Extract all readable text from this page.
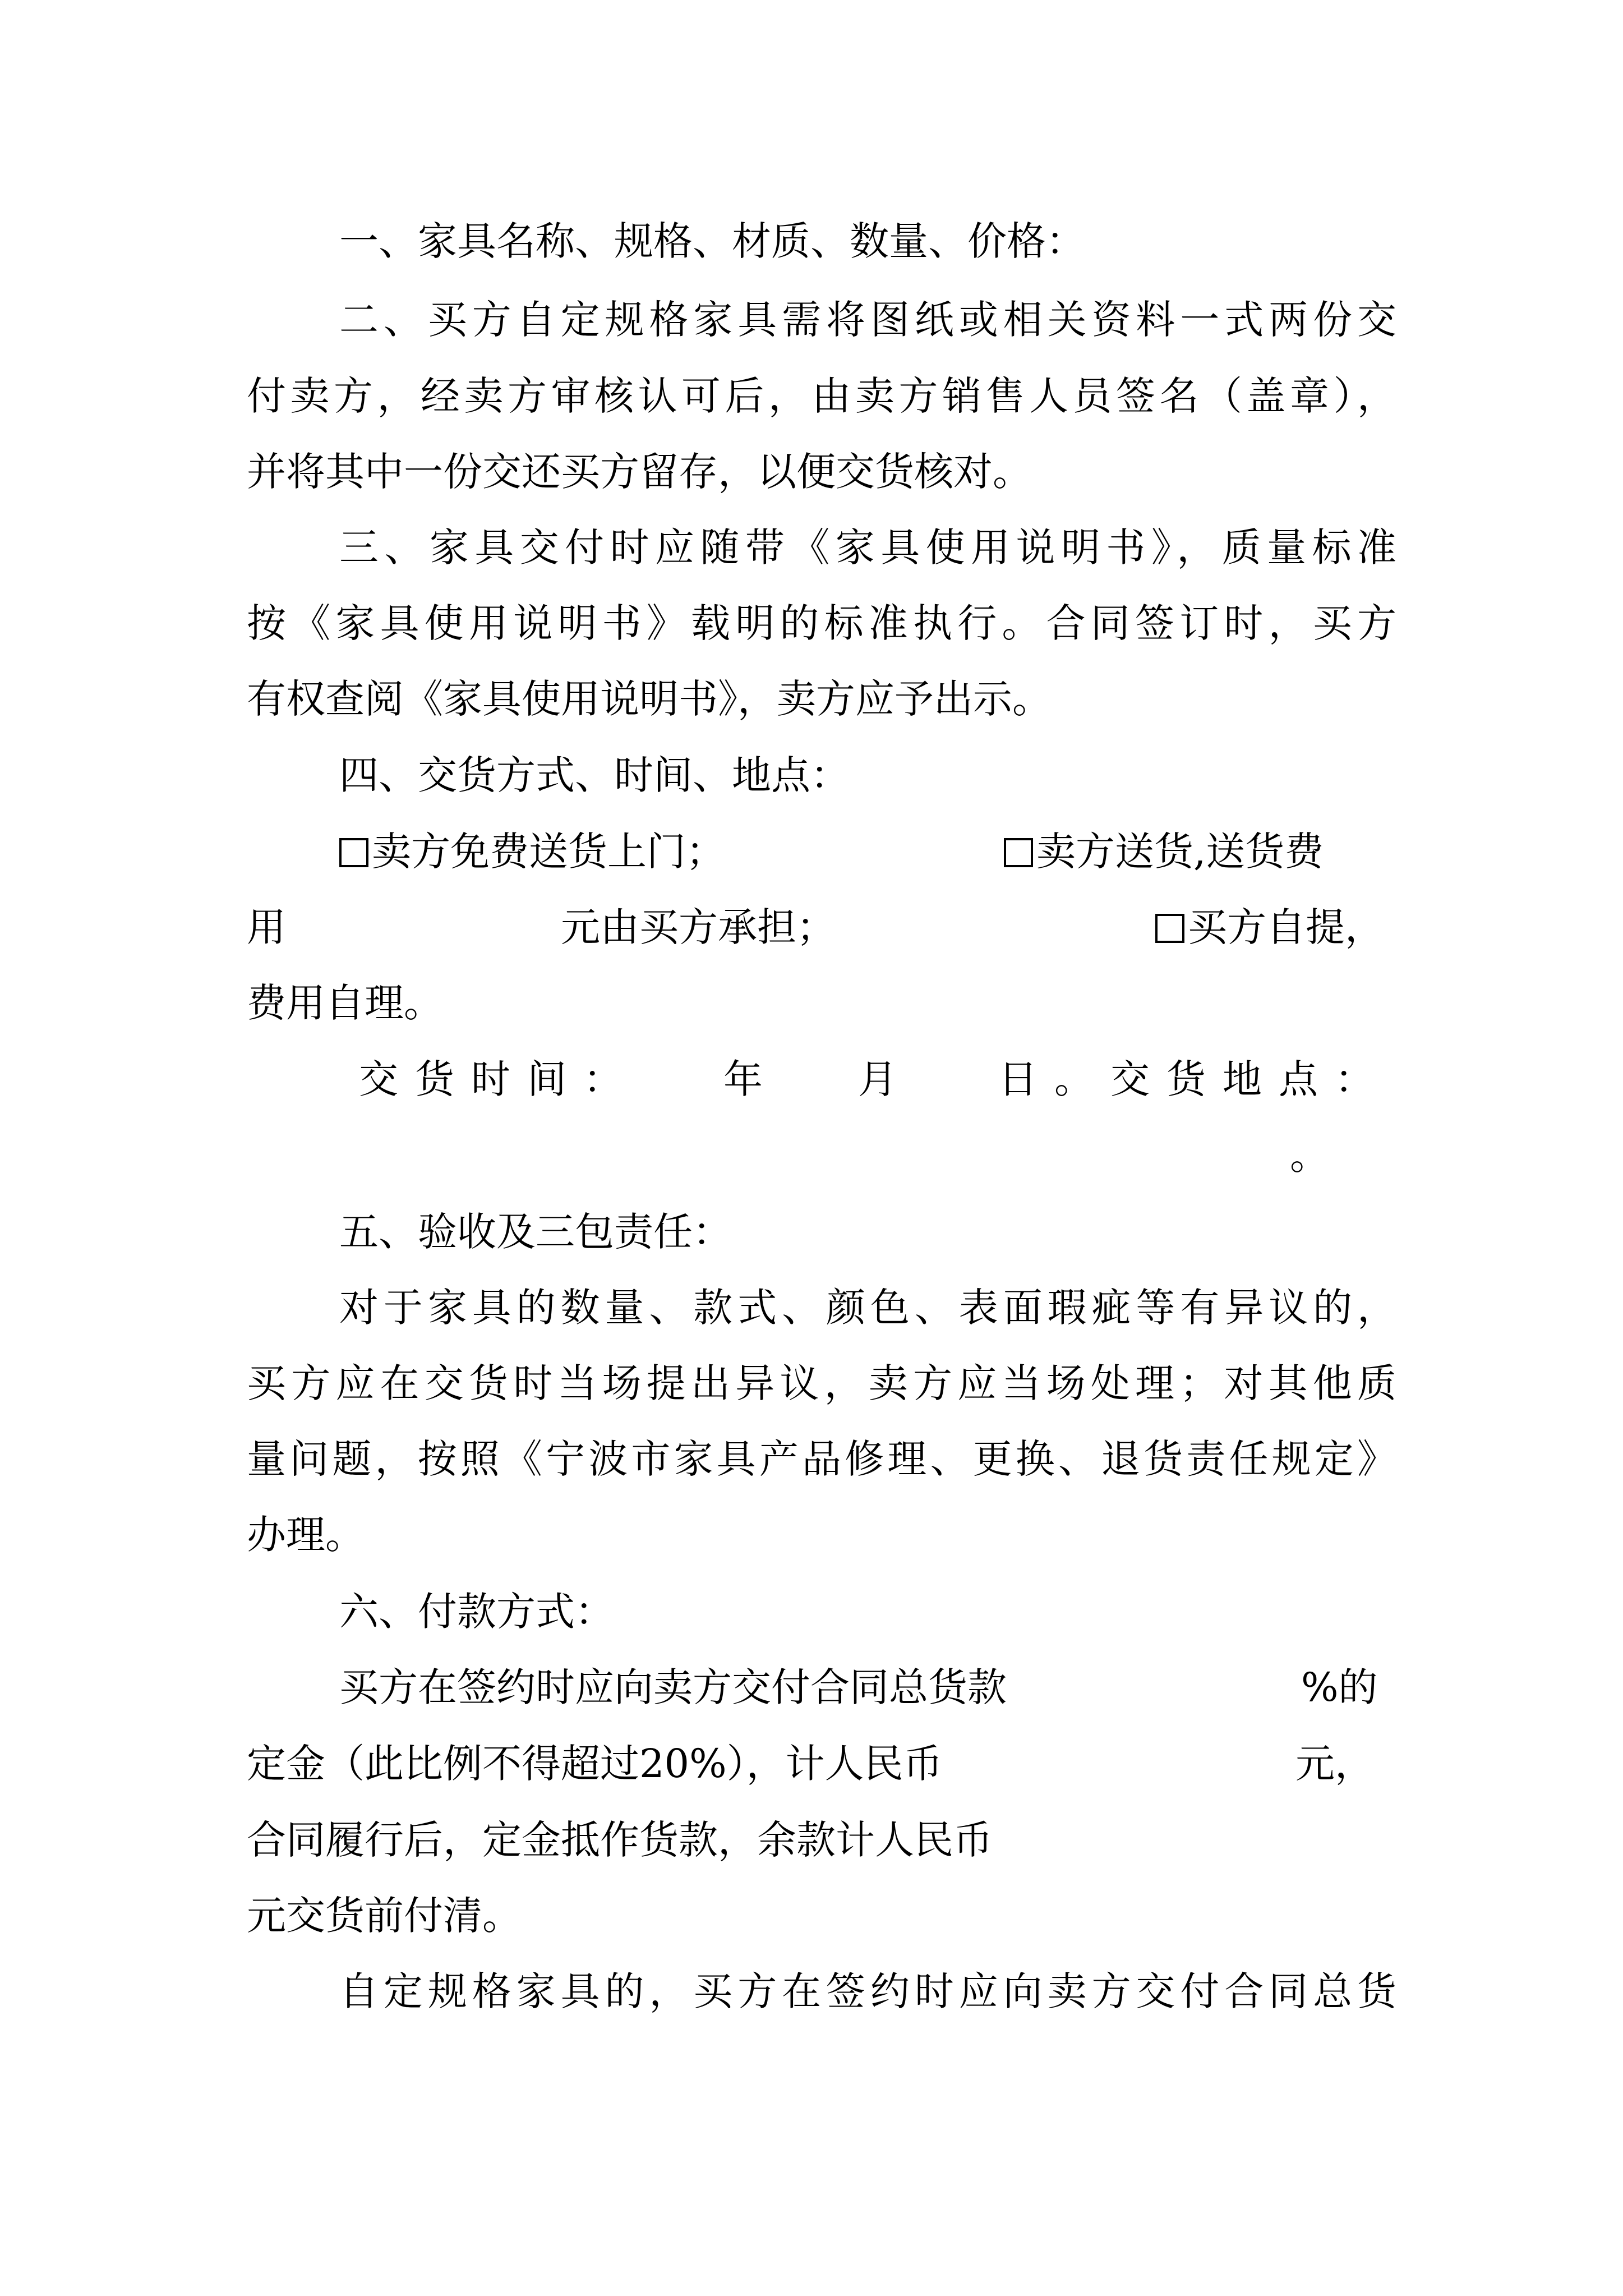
一、家具名称、规格、材质、数量、价格：
二、买方自定规格家具需将图纸或相关资料一式两份交
付卖方，经卖方审核认可后，由卖方销售人员签名（盖章），
并将其中一份交还买方留存，以便交货核对。
三、家具交付时应随带《家具使用说明书》，质量标准
按《家具使用说明书》载明的标准执行。合同签订时，买方
有权查阅《家具使用说明书》，卖方应予出示。
四、交货方式、时间、地点：
卖方免费送货上门；	卖方送货,送货费
用	元由买方承担；	买方自提，
费用自理。
交货时间： 年 月	日。交货地点：
。
五、验收及三包责任：
对于家具的数量、款式、颜色、表面瑕疵等有异议的，
买方应在交货时当场提出异议，卖方应当场处理；对其他质
量问题，按照《宁波市家具产品修理、更换、退货责任规定》
办理。
六、付款方式：
买方在签约时应向卖方交付合同总货款	%的
定金（此比例不得超过20%），计人民币	元，
合同履行后，定金抵作货款，余款计人民币
元交货前付清。
自定规格家具的，买方在签约时应向卖方交付合同总货
